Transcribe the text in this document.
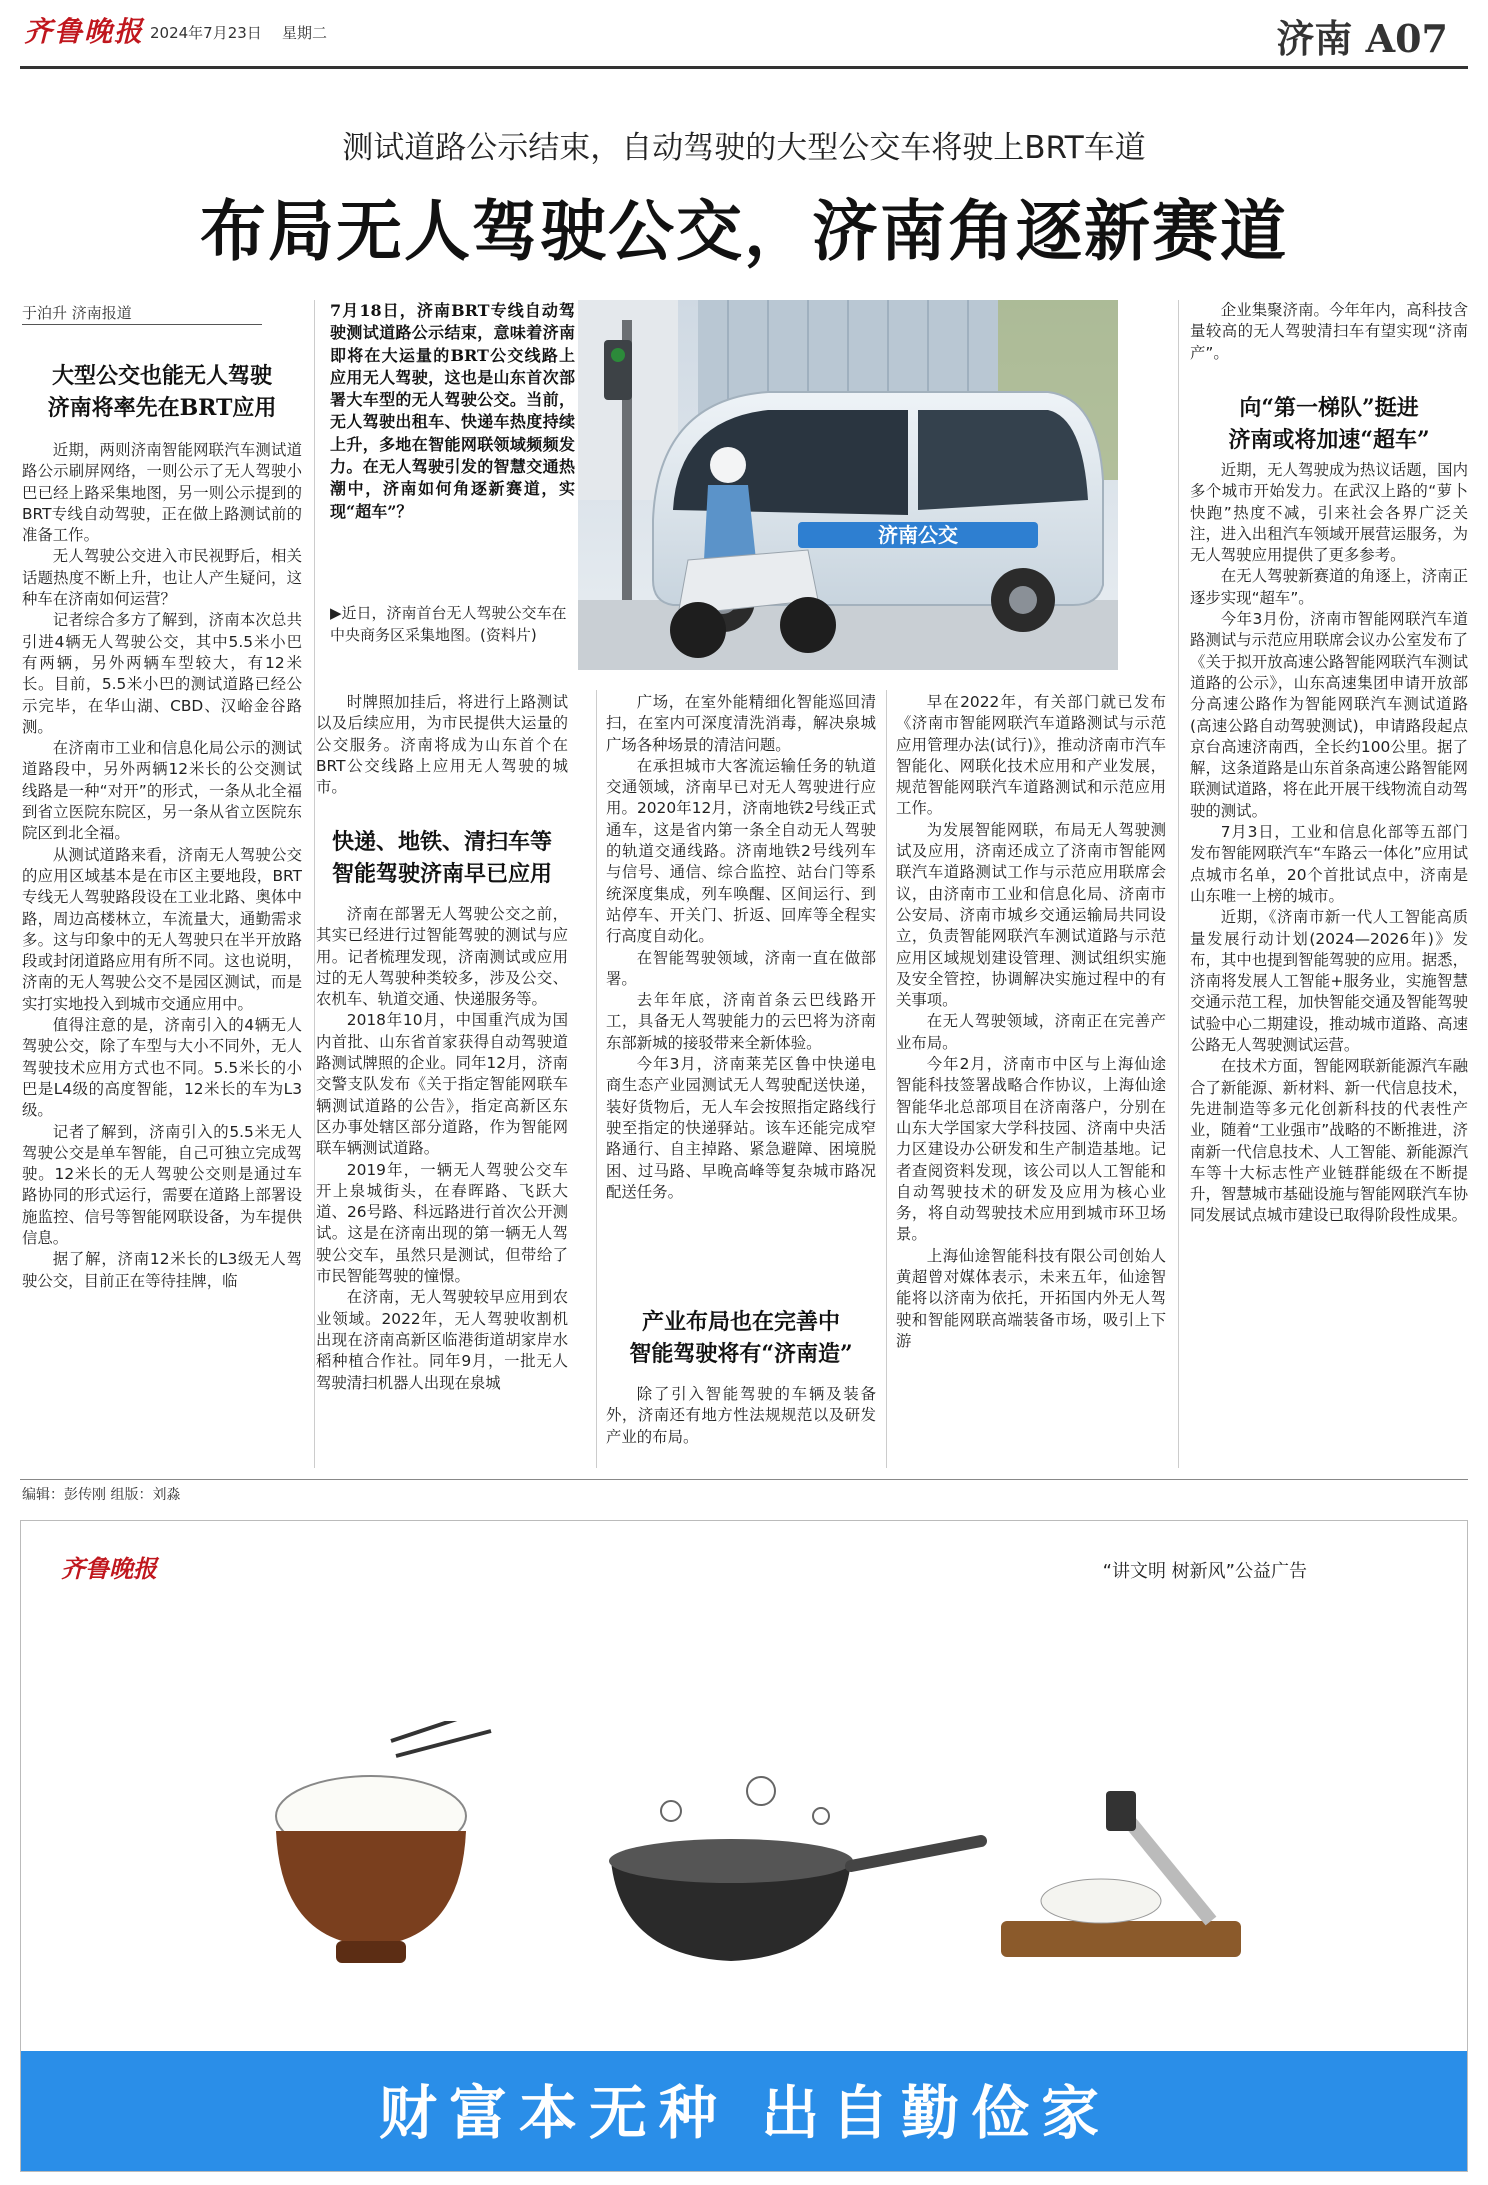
齐鲁晚报 2024年7月23日 星期二	济南 A07
测试道路公示结束，自动驾驶的大型公交车将驶上BRT车道
布局无人驾驶公交，济南角逐新赛道
于泊升 济南报道
大型公交也能无人驾驶
济南将率先在BRT应用

近期，两则济南智能网联汽车测试道路公示刷屏网络，一则公示了无人驾驶小巴已经上路采集地图，另一则公示提到的BRT专线自动驾驶，正在做上路测试前的准备工作。

无人驾驶公交进入市民视野后，相关话题热度不断上升，也让人产生疑问，这种车在济南如何运营？

记者综合多方了解到，济南本次总共引进4辆无人驾驶公交，其中5.5米小巴有两辆，另外两辆车型较大，有12米长。目前，5.5米小巴的测试道路已经公示完毕，在华山湖、CBD、汉峪金谷路测。

在济南市工业和信息化局公示的测试道路段中，另外两辆12米长的公交测试线路是一种“对开”的形式，一条从北全福到省立医院东院区，另一条从省立医院东院区到北全福。

从测试道路来看，济南无人驾驶公交的应用区域基本是在市区主要地段，BRT专线无人驾驶路段设在工业北路、奥体中路，周边高楼林立，车流量大，通勤需求多。这与印象中的无人驾驶只在半开放路段或封闭道路应用有所不同。这也说明，济南的无人驾驶公交不是园区测试，而是实打实地投入到城市交通应用中。

值得注意的是，济南引入的4辆无人驾驶公交，除了车型与大小不同外，无人驾驶技术应用方式也不同。5.5米长的小巴是L4级的高度智能，12米长的车为L3级。

记者了解到，济南引入的5.5米无人驾驶公交是单车智能，自己可独立完成驾驶。12米长的无人驾驶公交则是通过车路协同的形式运行，需要在道路上部署设施监控、信号等智能网联设备，为车提供信息。

据了解，济南12米长的L3级无人驾驶公交，目前正在等待挂牌，临

7月18日，济南BRT专线自动驾驶测试道路公示结束，意味着济南即将在大运量的BRT公交线路上应用无人驾驶，这也是山东首次部署大车型的无人驾驶公交。当前，无人驾驶出租车、快递车热度持续上升，多地在智能网联领域频频发力。在无人驾驶引发的智慧交通热潮中，济南如何角逐新赛道，实现“超车”？
▶近日，济南首台无人驾驶公交车在中央商务区采集地图。(资料片)
济南公交

时牌照加挂后，将进行上路测试以及后续应用，为市民提供大运量的公交服务。济南将成为山东首个在BRT公交线路上应用无人驾驶的城市。

快递、地铁、清扫车等
智能驾驶济南早已应用

济南在部署无人驾驶公交之前，其实已经进行过智能驾驶的测试与应用。记者梳理发现，济南测试或应用过的无人驾驶种类较多，涉及公交、农机车、轨道交通、快递服务等。

2018年10月，中国重汽成为国内首批、山东省首家获得自动驾驶道路测试牌照的企业。同年12月，济南交警支队发布《关于指定智能网联车辆测试道路的公告》，指定高新区东区办事处辖区部分道路，作为智能网联车辆测试道路。

2019年，一辆无人驾驶公交车开上泉城街头，在春晖路、飞跃大道、26号路、科远路进行首次公开测试。这是在济南出现的第一辆无人驾驶公交车，虽然只是测试，但带给了市民智能驾驶的憧憬。

在济南，无人驾驶较早应用到农业领域。2022年，无人驾驶收割机出现在济南高新区临港街道胡家岸水稻种植合作社。同年9月，一批无人驾驶清扫机器人出现在泉城

广场，在室外能精细化智能巡回清扫，在室内可深度清洗消毒，解决泉城广场各种场景的清洁问题。

在承担城市大客流运输任务的轨道交通领域，济南早已对无人驾驶进行应用。2020年12月，济南地铁2号线正式通车，这是省内第一条全自动无人驾驶的轨道交通线路。济南地铁2号线列车与信号、通信、综合监控、站台门等系统深度集成，列车唤醒、区间运行、到站停车、开关门、折返、回库等全程实行高度自动化。

在智能驾驶领域，济南一直在做部署。

去年年底，济南首条云巴线路开工，具备无人驾驶能力的云巴将为济南东部新城的接驳带来全新体验。

今年3月，济南莱芜区鲁中快递电商生态产业园测试无人驾驶配送快递，装好货物后，无人车会按照指定路线行驶至指定的快递驿站。该车还能完成窄路通行、自主掉路、紧急避障、困境脱困、过马路、早晚高峰等复杂城市路况配送任务。

产业布局也在完善中
智能驾驶将有“济南造”

除了引入智能驾驶的车辆及装备外，济南还有地方性法规规范以及研发产业的布局。

早在2022年，有关部门就已发布《济南市智能网联汽车道路测试与示范应用管理办法(试行)》，推动济南市汽车智能化、网联化技术应用和产业发展，规范智能网联汽车道路测试和示范应用工作。

为发展智能网联，布局无人驾驶测试及应用，济南还成立了济南市智能网联汽车道路测试工作与示范应用联席会议，由济南市工业和信息化局、济南市公安局、济南市城乡交通运输局共同设立，负责智能网联汽车测试道路与示范应用区域规划建设管理、测试组织实施及安全管控，协调解决实施过程中的有关事项。

在无人驾驶领域，济南正在完善产业布局。

今年2月，济南市中区与上海仙途智能科技签署战略合作协议，上海仙途智能华北总部项目在济南落户，分别在山东大学国家大学科技园、济南中央活力区建设办公研发和生产制造基地。记者查阅资料发现，该公司以人工智能和自动驾驶技术的研发及应用为核心业务，将自动驾驶技术应用到城市环卫场景。

上海仙途智能科技有限公司创始人黄超曾对媒体表示，未来五年，仙途智能将以济南为依托，开拓国内外无人驾驶和智能网联高端装备市场，吸引上下游

企业集聚济南。今年年内，高科技含量较高的无人驾驶清扫车有望实现“济南产”。

向“第一梯队”挺进
济南或将加速“超车”

近期，无人驾驶成为热议话题，国内多个城市开始发力。在武汉上路的“萝卜快跑”热度不减，引来社会各界广泛关注，进入出租汽车领域开展营运服务，为无人驾驶应用提供了更多参考。

在无人驾驶新赛道的角逐上，济南正逐步实现“超车”。

今年3月份，济南市智能网联汽车道路测试与示范应用联席会议办公室发布了《关于拟开放高速公路智能网联汽车测试道路的公示》，山东高速集团申请开放部分高速公路作为智能网联汽车测试道路(高速公路自动驾驶测试)，申请路段起点京台高速济南西，全长约100公里。据了解，这条道路是山东首条高速公路智能网联测试道路，将在此开展干线物流自动驾驶的测试。

7月3日，工业和信息化部等五部门发布智能网联汽车“车路云一体化”应用试点城市名单，20个首批试点中，济南是山东唯一上榜的城市。

近期，《济南市新一代人工智能高质量发展行动计划(2024—2026年)》发布，其中也提到智能驾驶的应用。据悉，济南将发展人工智能+服务业，实施智慧交通示范工程，加快智能交通及智能驾驶试验中心二期建设，推动城市道路、高速公路无人驾驶测试运营。

在技术方面，智能网联新能源汽车融合了新能源、新材料、新一代信息技术，先进制造等多元化创新科技的代表性产业，随着“工业强市”战略的不断推进，济南新一代信息技术、人工智能、新能源汽车等十大标志性产业链群能级在不断提升，智慧城市基础设施与智能网联汽车协同发展试点城市建设已取得阶段性成果。

编辑：彭传刚 组版：刘淼
齐鲁晚报	“讲文明 树新风”公益广告
财富本无种 出自勤俭家
